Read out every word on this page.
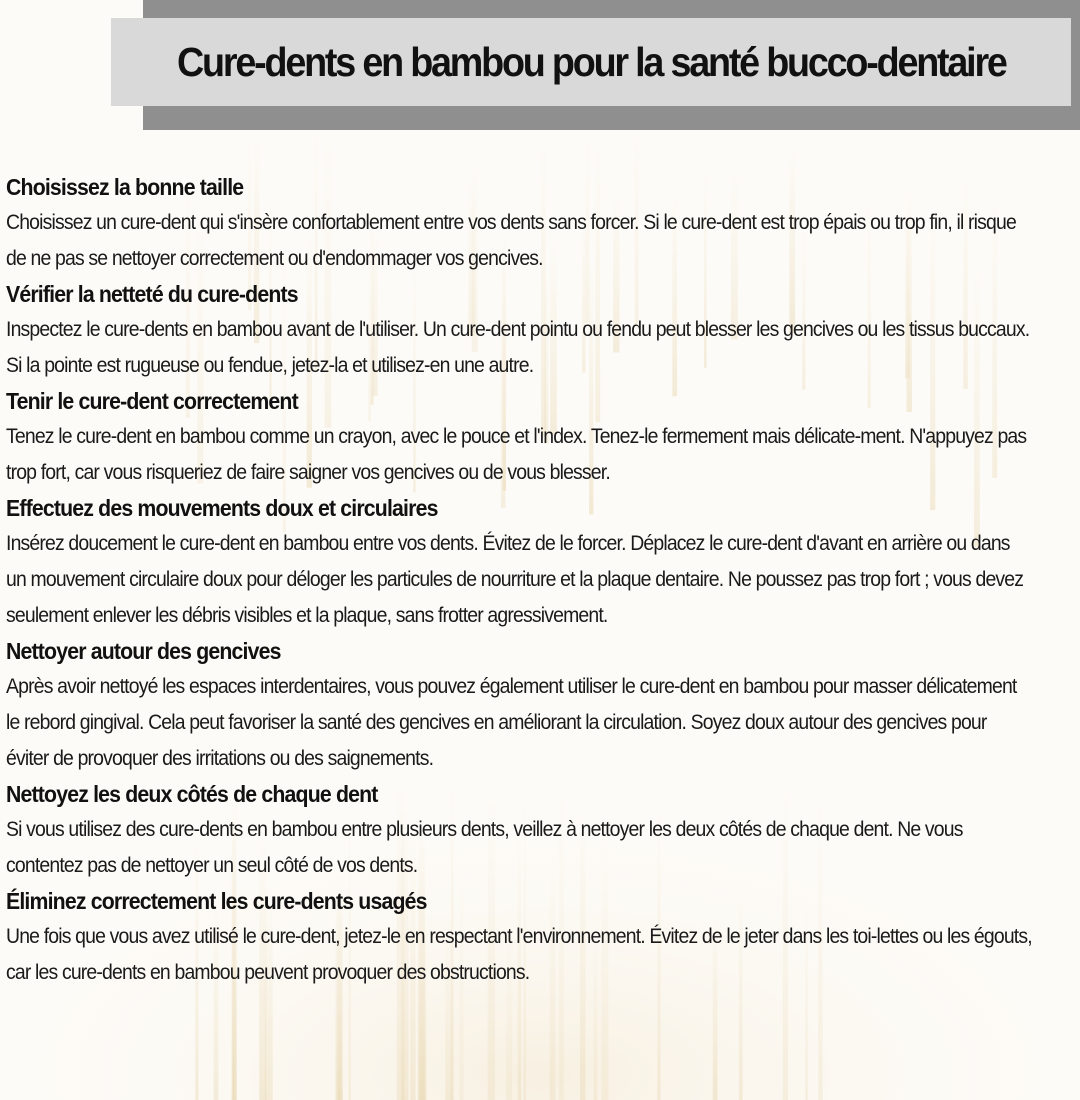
Cure-dents en bambou pour la santé bucco-dentaire
Choisissez la bonne taille

Choisissez un cure-dent qui s'insère confortablement entre vos dents sans forcer. Si le cure-dent est trop épais ou trop fin, il risque de ne pas se nettoyer correctement ou d'endommager vos gencives.

Vérifier la netteté du cure-dents

Inspectez le cure-dents en bambou avant de l'utiliser. Un cure-dent pointu ou fendu peut blesser les gencives ou les tissus buccaux. Si la pointe est rugueuse ou fendue, jetez-la et utilisez-en une autre.

Tenir le cure-dent correctement

Tenez le cure-dent en bambou comme un crayon, avec le pouce et l'index. Tenez-le fermement mais délicate-ment. N'appuyez pas trop fort, car vous risqueriez de faire saigner vos gencives ou de vous blesser.

Effectuez des mouvements doux et circulaires

Insérez doucement le cure-dent en bambou entre vos dents. Évitez de le forcer. Déplacez le cure-dent d'avant en arrière ou dans un mouvement circulaire doux pour déloger les particules de nourriture et la plaque dentaire. Ne poussez pas trop fort ; vous devez seulement enlever les débris visibles et la plaque, sans frotter agressivement.

Nettoyer autour des gencives

Après avoir nettoyé les espaces interdentaires, vous pouvez également utiliser le cure-dent en bambou pour masser délicatement le rebord gingival. Cela peut favoriser la santé des gencives en améliorant la circulation. Soyez doux autour des gencives pour éviter de provoquer des irritations ou des saignements.

Nettoyez les deux côtés de chaque dent

Si vous utilisez des cure-dents en bambou entre plusieurs dents, veillez à nettoyer les deux côtés de chaque dent. Ne vous contentez pas de nettoyer un seul côté de vos dents.

Éliminez correctement les cure-dents usagés

Une fois que vous avez utilisé le cure-dent, jetez-le en respectant l'environnement. Évitez de le jeter dans les toi-lettes ou les égouts, car les cure-dents en bambou peuvent provoquer des obstructions.
